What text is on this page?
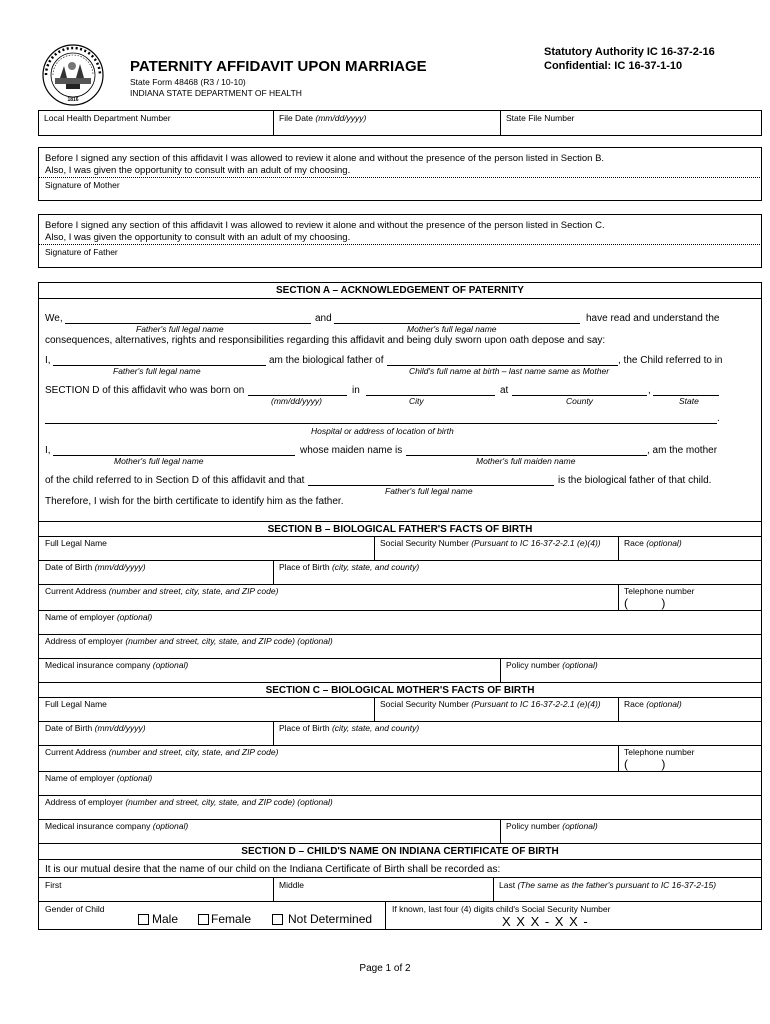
1816
PATERNITY AFFIDAVIT UPON MARRIAGE
State Form 48468 (R3 / 10-10)
INDIANA STATE DEPARTMENT OF HEALTH
Statutory Authority IC 16-37-2-16
Confidential: IC 16-37-1-10
Local Health Department Number	File Date (mm/dd/yyyy)	State File Number
Before I signed any section of this affidavit I was allowed to review it alone and without the presence of the person listed in Section B.
Also, I was given the opportunity to consult with an adult of my choosing.
Signature of Mother
Before I signed any section of this affidavit I was allowed to review it alone and without the presence of the person listed in Section C.
Also, I was given the opportunity to consult with an adult of my choosing.
Signature of Father
SECTION A – ACKNOWLEDGEMENT OF PATERNITY
We,	and	have read and understand the
Father's full legal name	Mother's full legal name
consequences, alternatives, rights and responsibilities regarding this affidavit and being duly sworn upon oath depose and say:
I,	am the biological father of	, the Child referred to in
Father's full legal name	Child's full name at birth – last name same as Mother
SECTION D of this affidavit who was born on	in	at	,
(mm/dd/yyyy)	City	County	State
.
Hospital or address of location of birth
I,	whose maiden name is	, am the mother
Mother's full legal name	Mother's full maiden name
of the child referred to in Section D of this affidavit and that	is the biological father of that child.
Father's full legal name
Therefore, I wish for the birth certificate to identify him as the father.
SECTION B – BIOLOGICAL FATHER'S FACTS OF BIRTH
Full Legal Name	Social Security Number (Pursuant to IC 16-37-2-2.1 (e)(4))	Race (optional)
Date of Birth (mm/dd/yyyy)	Place of Birth (city, state, and county)
Current Address (number and street, city, state, and ZIP code)	Telephone number
(          )
Name of employer (optional)
Address of employer (number and street, city, state, and ZIP code) (optional)
Medical insurance company (optional)	Policy number (optional)
SECTION C – BIOLOGICAL MOTHER'S FACTS OF BIRTH
Full Legal Name	Social Security Number (Pursuant to IC 16-37-2-2.1 (e)(4))	Race (optional)
Date of Birth (mm/dd/yyyy)	Place of Birth (city, state, and county)
Current Address (number and street, city, state, and ZIP code)	Telephone number
(          )
Name of employer (optional)
Address of employer (number and street, city, state, and ZIP code) (optional)
Medical insurance company (optional)	Policy number (optional)
SECTION D – CHILD'S NAME ON INDIANA CERTIFICATE OF BIRTH
It is our mutual desire that the name of our child on the Indiana Certificate of Birth shall be recorded as:
First	Middle	Last (The same as the father's pursuant to IC 16-37-2-15)
Gender of Child
Male	Female	Not Determined
If known, last four (4) digits child's Social Security Number
X X X - X X -
Page 1 of 2
